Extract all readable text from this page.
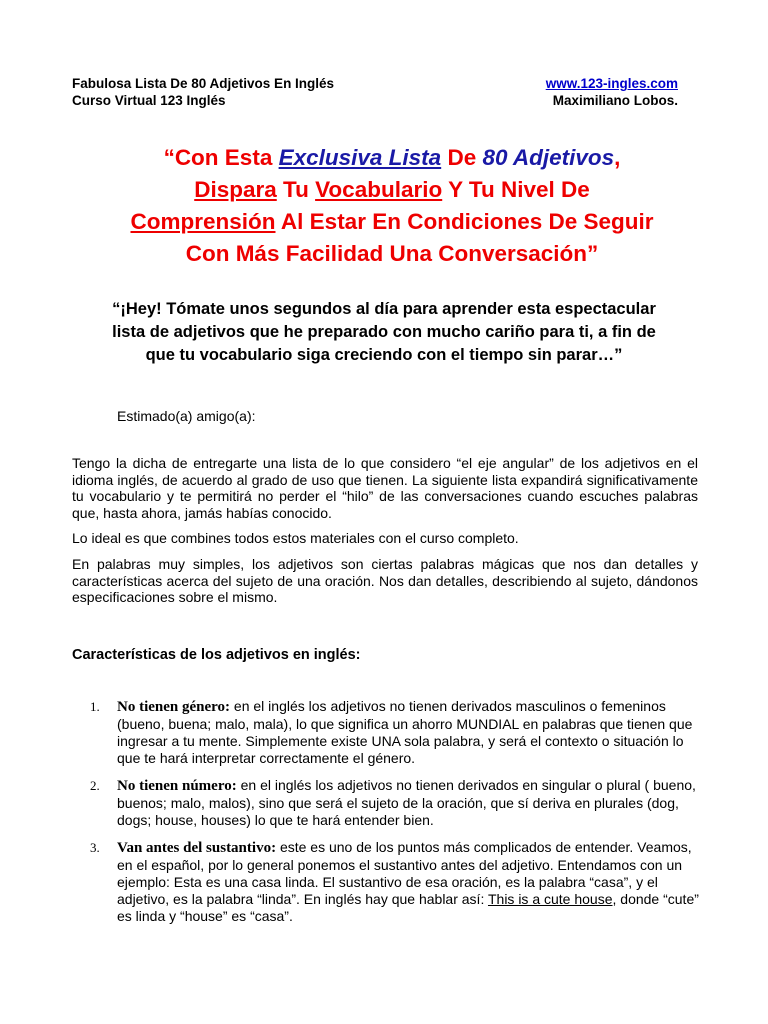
Fabulosa Lista De 80 Adjetivos En Inglés	www.123-ingles.com
Curso Virtual 123 Inglés	Maximiliano Lobos.
“Con Esta Exclusiva Lista De 80 Adjetivos,
Dispara Tu Vocabulario Y Tu Nivel De
Comprensión Al Estar En Condiciones De Seguir
Con Más Facilidad Una Conversación”
“¡Hey! Tómate unos segundos al día para aprender esta espectacular
lista de adjetivos que he preparado con mucho cariño para ti, a fin de
que tu vocabulario siga creciendo con el tiempo sin parar…”
Estimado(a) amigo(a):

Tengo la dicha de entregarte una lista de lo que considero “el eje angular” de los adjetivos en el idioma inglés, de acuerdo al grado de uso que tienen. La siguiente lista expandirá significativamente tu vocabulario y te permitirá no perder el “hilo” de las conversaciones cuando escuches palabras que, hasta ahora, jamás habías conocido.

Lo ideal es que combines todos estos materiales con el curso completo.

En palabras muy simples, los adjetivos son ciertas palabras mágicas que nos dan detalles y características acerca del sujeto de una oración. Nos dan detalles, describiendo al sujeto, dándonos especificaciones sobre el mismo.

Características de los adjetivos en inglés:
1.	No tienen género: en el inglés los adjetivos no tienen derivados masculinos o femeninos (bueno, buena; malo, mala), lo que significa un ahorro MUNDIAL en palabras que tienen que ingresar a tu mente. Simplemente existe UNA sola palabra, y será el contexto o situación lo que te hará interpretar correctamente el género.
2.	No tienen número: en el inglés los adjetivos no tienen derivados en singular o plural ( bueno, buenos; malo, malos), sino que será el sujeto de la oración, que sí deriva en plurales (dog, dogs; house, houses) lo que te hará entender bien.
3.	Van antes del sustantivo: este es uno de los puntos más complicados de entender. Veamos, en el español, por lo general ponemos el sustantivo antes del adjetivo. Entendamos con un ejemplo: Esta es una casa linda. El sustantivo de esa oración, es la palabra “casa”, y el adjetivo, es la palabra “linda”. En inglés hay que hablar así: This is a cute house, donde “cute” es linda y “house” es “casa”.
